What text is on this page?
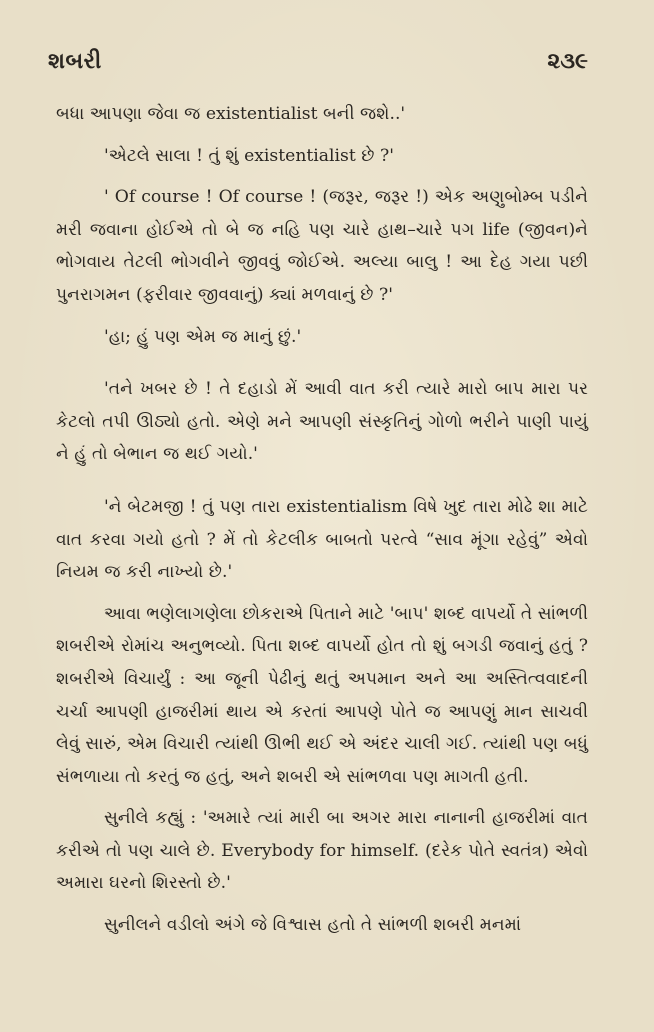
શબરી	૨૩૯

બધા આપણા જેવા જ existentialist બની જશે..'

'એટલે સાલા ! તું શું existentialist છે ?'

' Of course ! Of course ! (જરૂર, જરૂર !) એક અણુબોમ્બ પડીને મરી જવાના હોઈએ તો બે જ નહિ પણ ચારે હાથ–ચારે પગ life (જીવન)ને ભોગવાય તેટલી ભોગવીને જીવવું જોઈએ. અલ્યા બાલુ ! આ દેહ ગયા પછી પુનરાગમન (ફરીવાર જીવવાનું) ક્યાં મળવાનું છે ?'

'હા; હું પણ એમ જ માનું છું.'

'તને ખબર છે ! તે દહાડો મેં આવી વાત કરી ત્યારે મારો બાપ મારા પર કેટલો તપી ઊઠ્યો હતો. એણે મને આપણી સંસ્કૃતિનું ગોળો ભરીને પાણી પાયું ને હું તો બેભાન જ થઈ ગયો.'

'ને બેટમજી ! તું પણ તારા existentialism વિષે ખુદ તારા મોઢે શા માટે વાત કરવા ગયો હતો ? મેં તો કેટલીક બાબતો પરત્વે “સાવ મૂંગા રહેવું” એવો નિયમ જ કરી નાખ્યો છે.'

આવા ભણેલાગણેલા છોકરાએ પિતાને માટે 'બાપ' શબ્દ વાપર્યો તે સાંભળી શબરીએ રોમાંચ અનુભવ્યો. પિતા શબ્દ વાપર્યો હોત તો શું બગડી જવાનું હતું ? શબરીએ વિચાર્યું : આ જૂની પેઢીનું થતું અપમાન અને આ અસ્તિત્વવાદની ચર્ચા આપણી હાજરીમાં થાય એ કરતાં આપણે પોતે જ આપણું માન સાચવી લેવું સારું, એમ વિચારી ત્યાંથી ઊભી થઈ એ અંદર ચાલી ગઈ. ત્યાંથી પણ બધું સંભળાયા તો કરતું જ હતું, અને શબરી એ સાંભળવા પણ માગતી હતી.

સુનીલે કહ્યું : 'અમારે ત્યાં મારી બા અગર મારા નાનાની હાજરીમાં વાત કરીએ તો પણ ચાલે છે. Everybody for himself. (દરેક પોતે સ્વતંત્ર) એવો અમારા ઘરનો શિરસ્તો છે.'

સુનીલને વડીલો અંગે જે વિશ્વાસ હતો તે સાંભળી શબરી મનમાં
